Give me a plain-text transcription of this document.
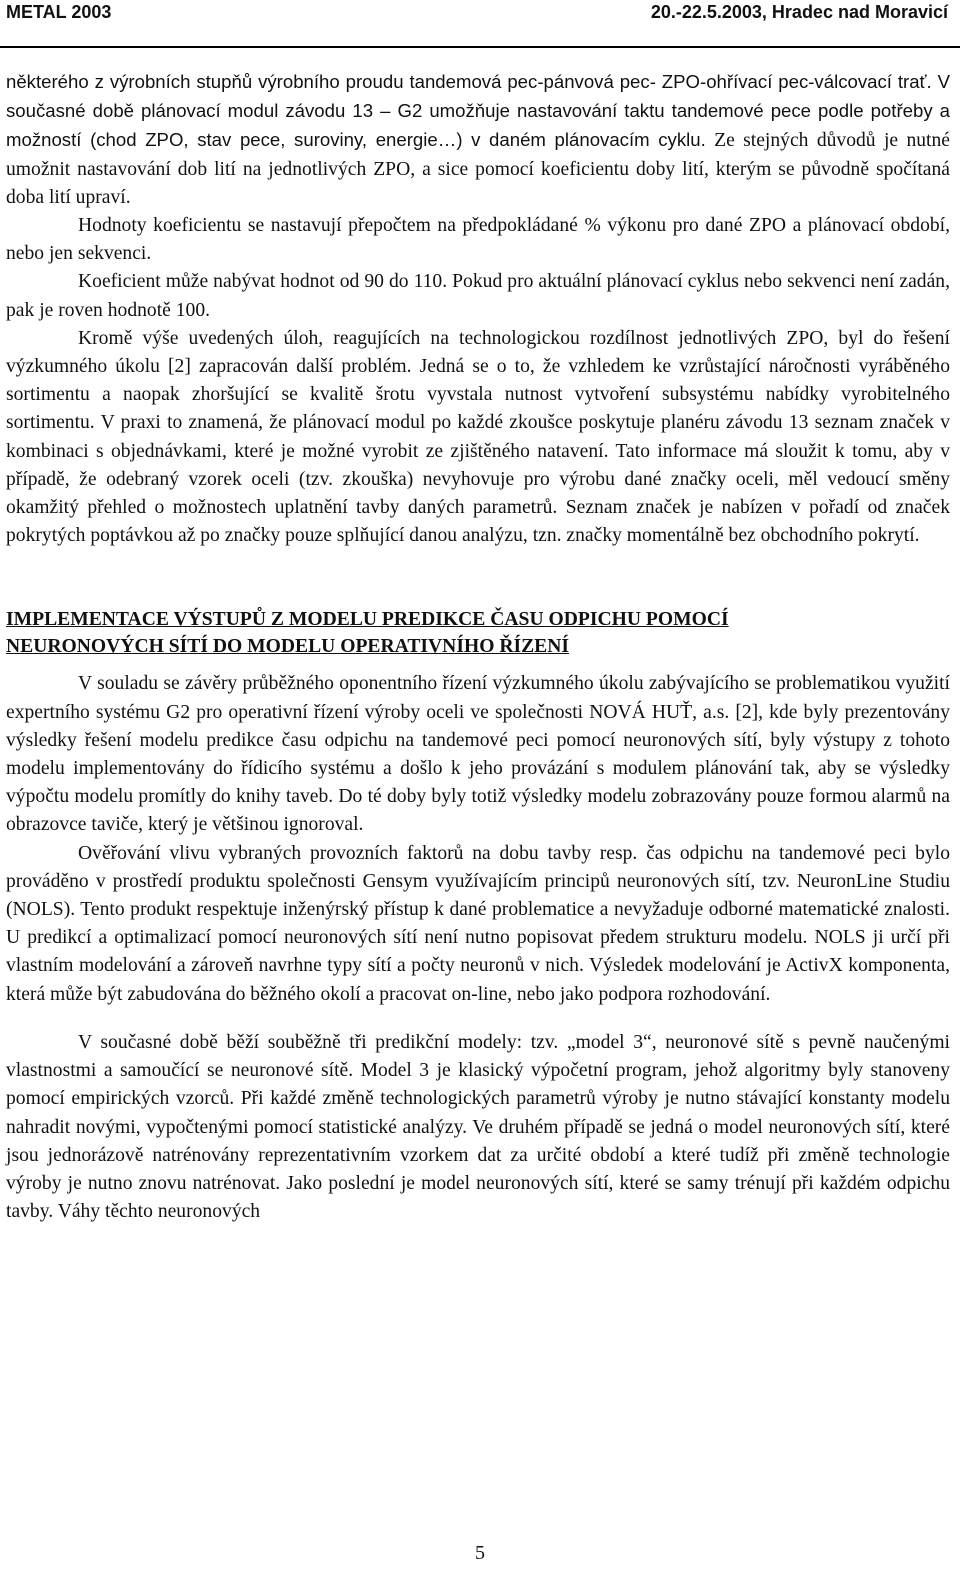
METAL 2003	20.-22.5.2003, Hradec nad Moravicí

některého z výrobních stupňů výrobního proudu tandemová pec-pánvová pec- ZPO-ohřívací pec-válcovací trať. V současné době plánovací modul závodu 13 – G2 umožňuje nastavování taktu tandemové pece podle potřeby a možností (chod ZPO, stav pece, suroviny, energie…) v daném plánovacím cyklu. Ze stejných důvodů je nutné umožnit nastavování dob lití na jednotlivých ZPO, a sice pomocí koeficientu doby lití, kterým se původně spočítaná doba lití upraví.

Hodnoty koeficientu se nastavují přepočtem na předpokládané % výkonu pro dané ZPO a plánovací období, nebo jen sekvenci.

Koeficient může nabývat hodnot od 90 do 110. Pokud pro aktuální plánovací cyklus nebo sekvenci není zadán, pak je roven hodnotě 100.

Kromě výše uvedených úloh, reagujících na technologickou rozdílnost jednotlivých ZPO, byl do řešení výzkumného úkolu [2] zapracován další problém. Jedná se o to, že vzhledem ke vzrůstající náročnosti vyráběného sortimentu a naopak zhoršující se kvalitě šrotu vyvstala nutnost vytvoření subsystému nabídky vyrobitelného sortimentu. V praxi to znamená, že plánovací modul po každé zkoušce poskytuje planéru závodu 13 seznam značek v kombinaci s objednávkami, které je možné vyrobit ze zjištěného natavení. Tato informace má sloužit k tomu, aby v případě, že odebraný vzorek oceli (tzv. zkouška) nevyhovuje pro výrobu dané značky oceli, měl vedoucí směny okamžitý přehled o možnostech uplatnění tavby daných parametrů. Seznam značek je nabízen v pořadí od značek pokrytých poptávkou až po značky pouze splňující danou analýzu, tzn. značky momentálně bez obchodního pokrytí.

IMPLEMENTACE VÝSTUPŮ Z MODELU PREDIKCE ČASU ODPICHU POMOCÍ
NEURONOVÝCH SÍTÍ DO MODELU OPERATIVNÍHO ŘÍZENÍ

V souladu se závěry průběžného oponentního řízení výzkumného úkolu zabývajícího se problematikou využití expertního systému G2 pro operativní řízení výroby oceli ve společnosti NOVÁ HUŤ, a.s. [2], kde byly prezentovány výsledky řešení modelu predikce času odpichu na tandemové peci pomocí neuronových sítí, byly výstupy z tohoto modelu implementovány do řídicího systému a došlo k jeho provázání s modulem plánování tak, aby se výsledky výpočtu modelu promítly do knihy taveb. Do té doby byly totiž výsledky modelu zobrazovány pouze formou alarmů na obrazovce taviče, který je většinou ignoroval.

Ověřování vlivu vybraných provozních faktorů na dobu tavby resp. čas odpichu na tandemové peci bylo prováděno v prostředí produktu společnosti Gensym využívajícím principů neuronových sítí, tzv. NeuronLine Studiu (NOLS). Tento produkt respektuje inženýrský přístup k dané problematice a nevyžaduje odborné matematické znalosti. U predikcí a optimalizací pomocí neuronových sítí není nutno popisovat předem strukturu modelu. NOLS ji určí při vlastním modelování a zároveň navrhne typy sítí a počty neuronů v nich. Výsledek modelování je ActivX komponenta, která může být zabudována do běžného okolí a pracovat on-line, nebo jako podpora rozhodování.

V současné době běží souběžně tři predikční modely: tzv. „model 3“, neuronové sítě s pevně naučenými vlastnostmi a samoučící se neuronové sítě. Model 3 je klasický výpočetní program, jehož algoritmy byly stanoveny pomocí empirických vzorců. Při každé změně technologických parametrů výroby je nutno stávající konstanty modelu nahradit novými, vypočtenými pomocí statistické analýzy. Ve druhém případě se jedná o model neuronových sítí, které jsou jednorázově natrénovány reprezentativním vzorkem dat za určité období a které tudíž při změně technologie výroby je nutno znovu natrénovat. Jako poslední je model neuronových sítí, které se samy trénují při každém odpichu tavby. Váhy těchto neuronových

5
